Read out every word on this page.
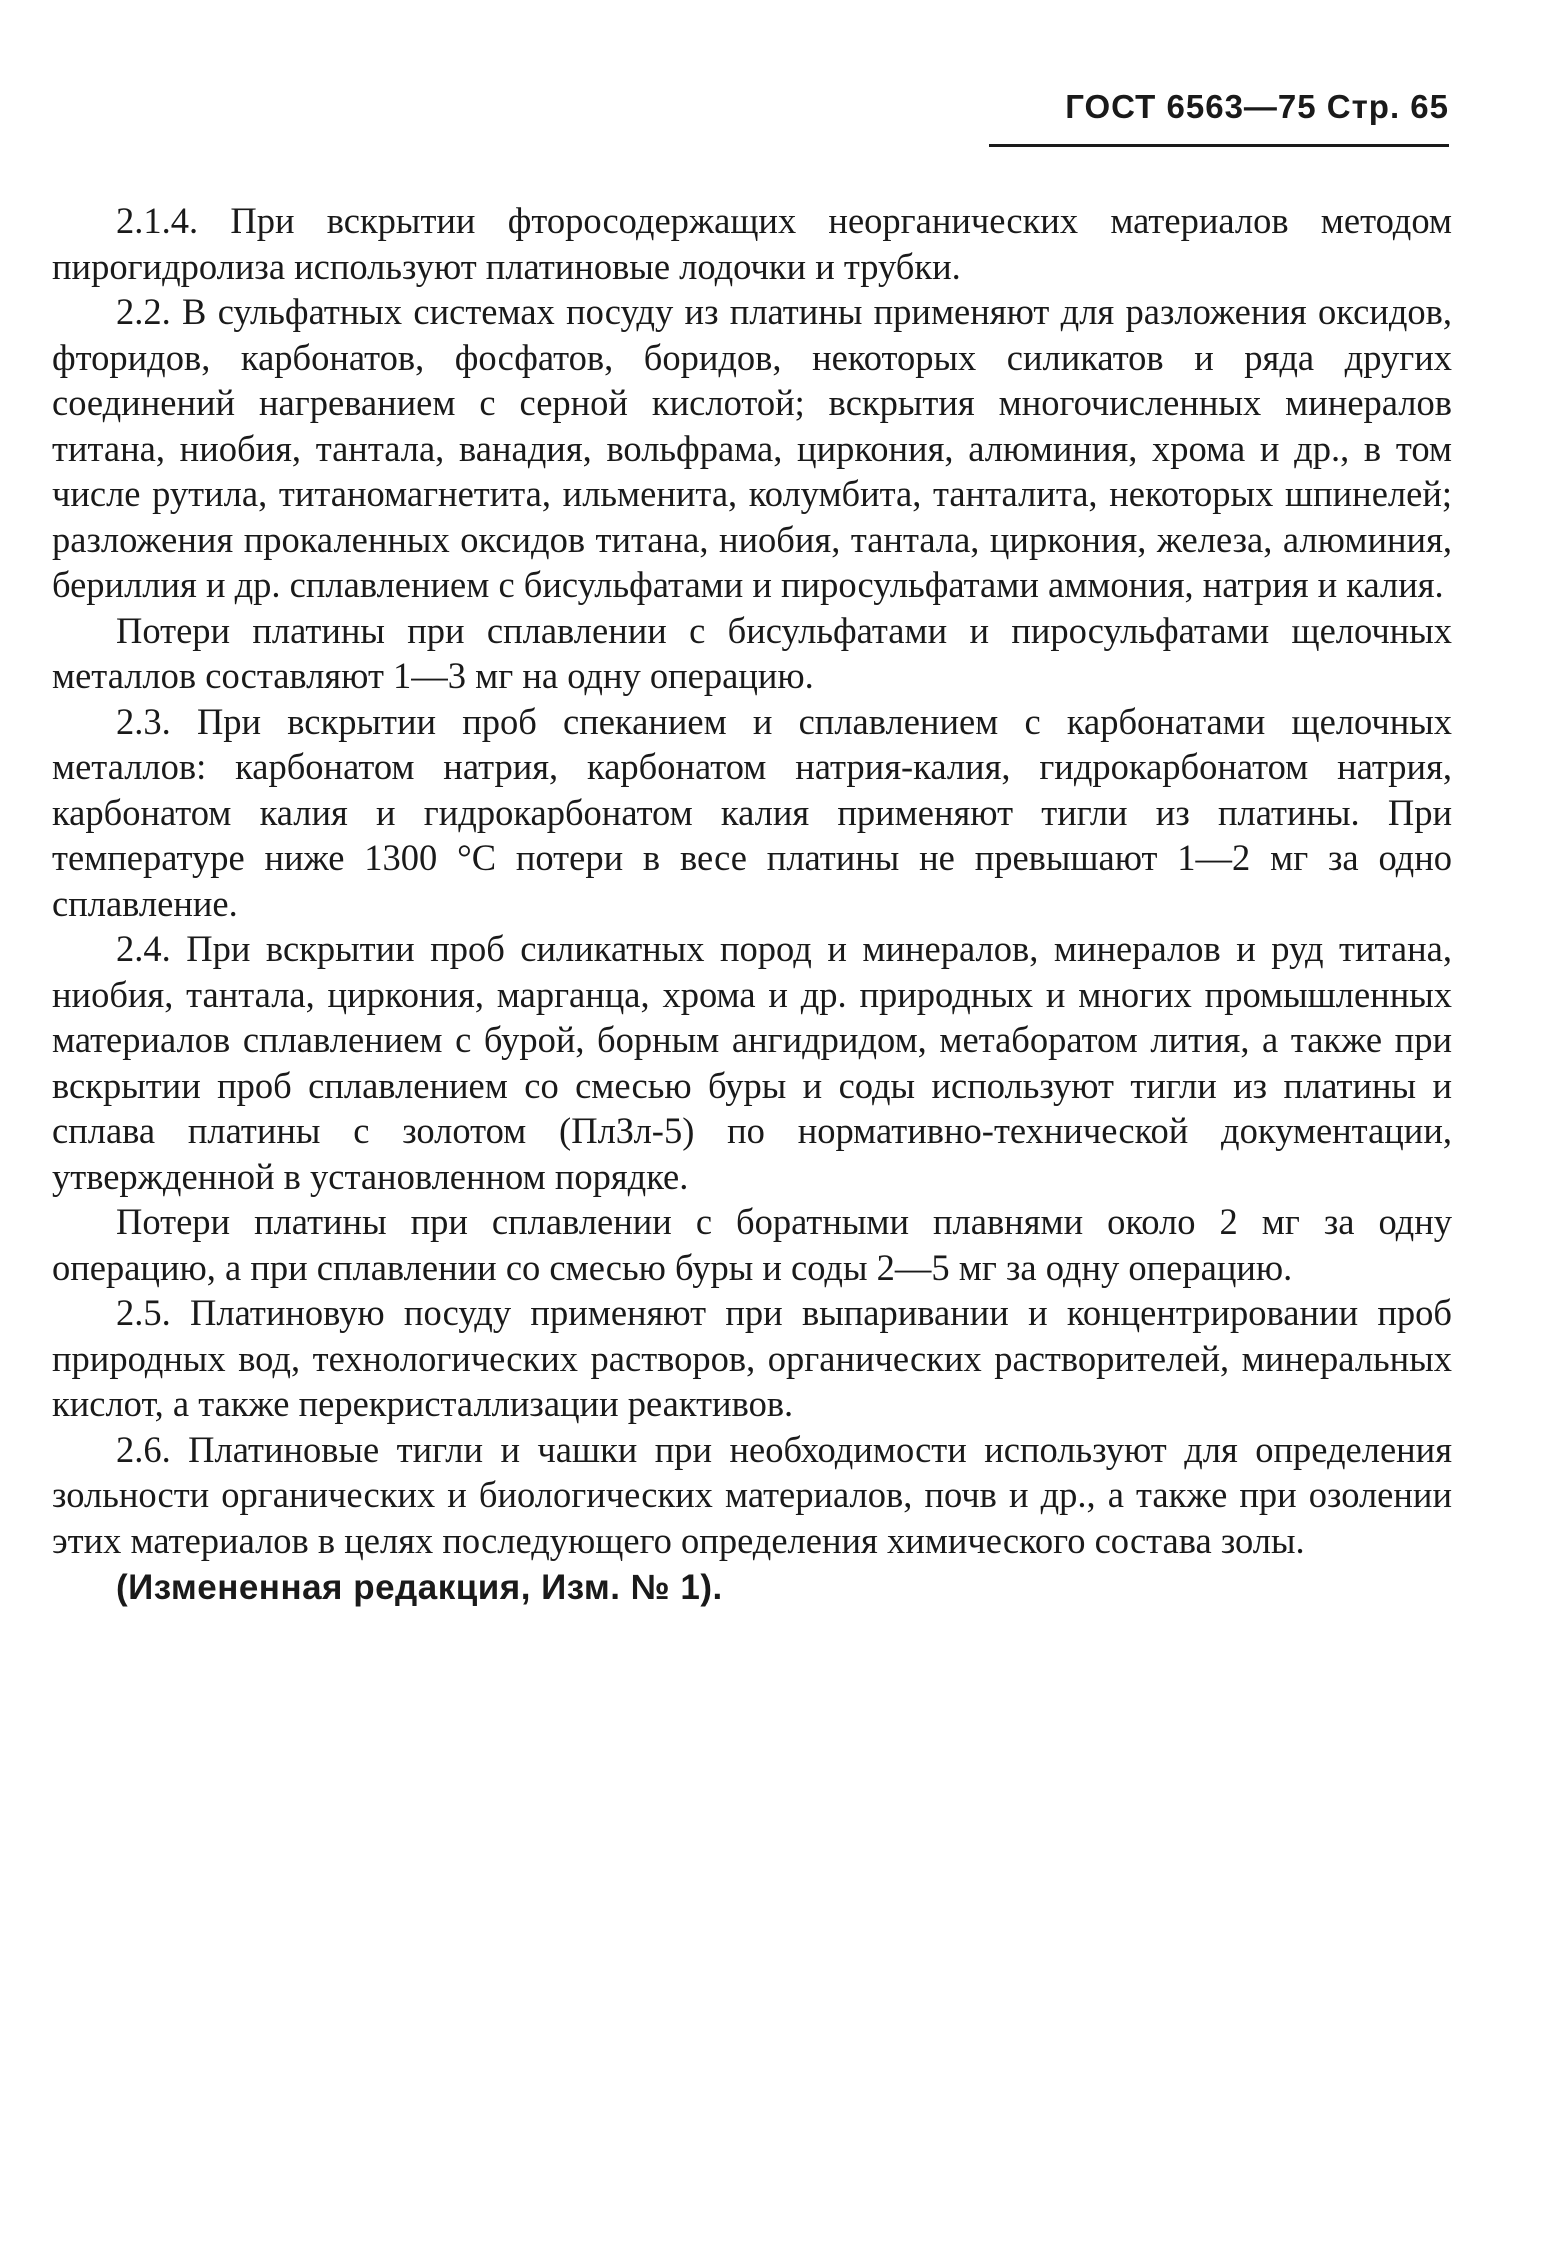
ГОСТ 6563—75 Стр. 65

2.1.4. При вскрытии фторосодержащих неорганических материалов методом пирогидролиза используют платиновые лодочки и трубки.

2.2. В сульфатных системах посуду из платины применяют для разложения оксидов, фторидов, карбонатов, фосфатов, боридов, некоторых силикатов и ряда других соединений нагреванием с серной кислотой; вскрытия многочисленных минералов титана, ниобия, тантала, ванадия, вольфрама, циркония, алюминия, хрома и др., в том числе рутила, титаномагнетита, ильменита, колумбита, танталита, некоторых шпинелей; разложения прокаленных оксидов титана, ниобия, тантала, циркония, железа, алюминия, бериллия и др. сплавлением с бисульфатами и пиросульфатами аммония, натрия и калия.

Потери платины при сплавлении с бисульфатами и пиросульфатами щелочных металлов составляют 1—3 мг на одну операцию.

2.3. При вскрытии проб спеканием и сплавлением с карбонатами щелочных металлов: карбонатом натрия, карбонатом натрия-калия, гидрокарбонатом натрия, карбонатом калия и гидрокарбонатом калия применяют тигли из платины. При температуре ниже 1300 °С потери в весе платины не превышают 1—2 мг за одно сплавление.

2.4. При вскрытии проб силикатных пород и минералов, минералов и руд титана, ниобия, тантала, циркония, марганца, хрома и др. природных и многих промышленных материалов сплавлением с бурой, борным ангидридом, метаборатом лития, а также при вскрытии проб сплавлением со смесью буры и соды используют тигли из платины и сплава платины с золотом (ПлЗл-5) по нормативно-технической документации, утвержденной в установленном порядке.

Потери платины при сплавлении с боратными плавнями около 2 мг за одну операцию, а при сплавлении со смесью буры и соды 2—5 мг за одну операцию.

2.5. Платиновую посуду применяют при выпаривании и концентрировании проб природных вод, технологических растворов, органических растворителей, минеральных кислот, а также перекристаллизации реактивов.

2.6. Платиновые тигли и чашки при необходимости используют для определения зольности органических и биологических материалов, почв и др., а также при озолении этих материалов в целях последующего определения химического состава золы.

(Измененная редакция, Изм. № 1).
